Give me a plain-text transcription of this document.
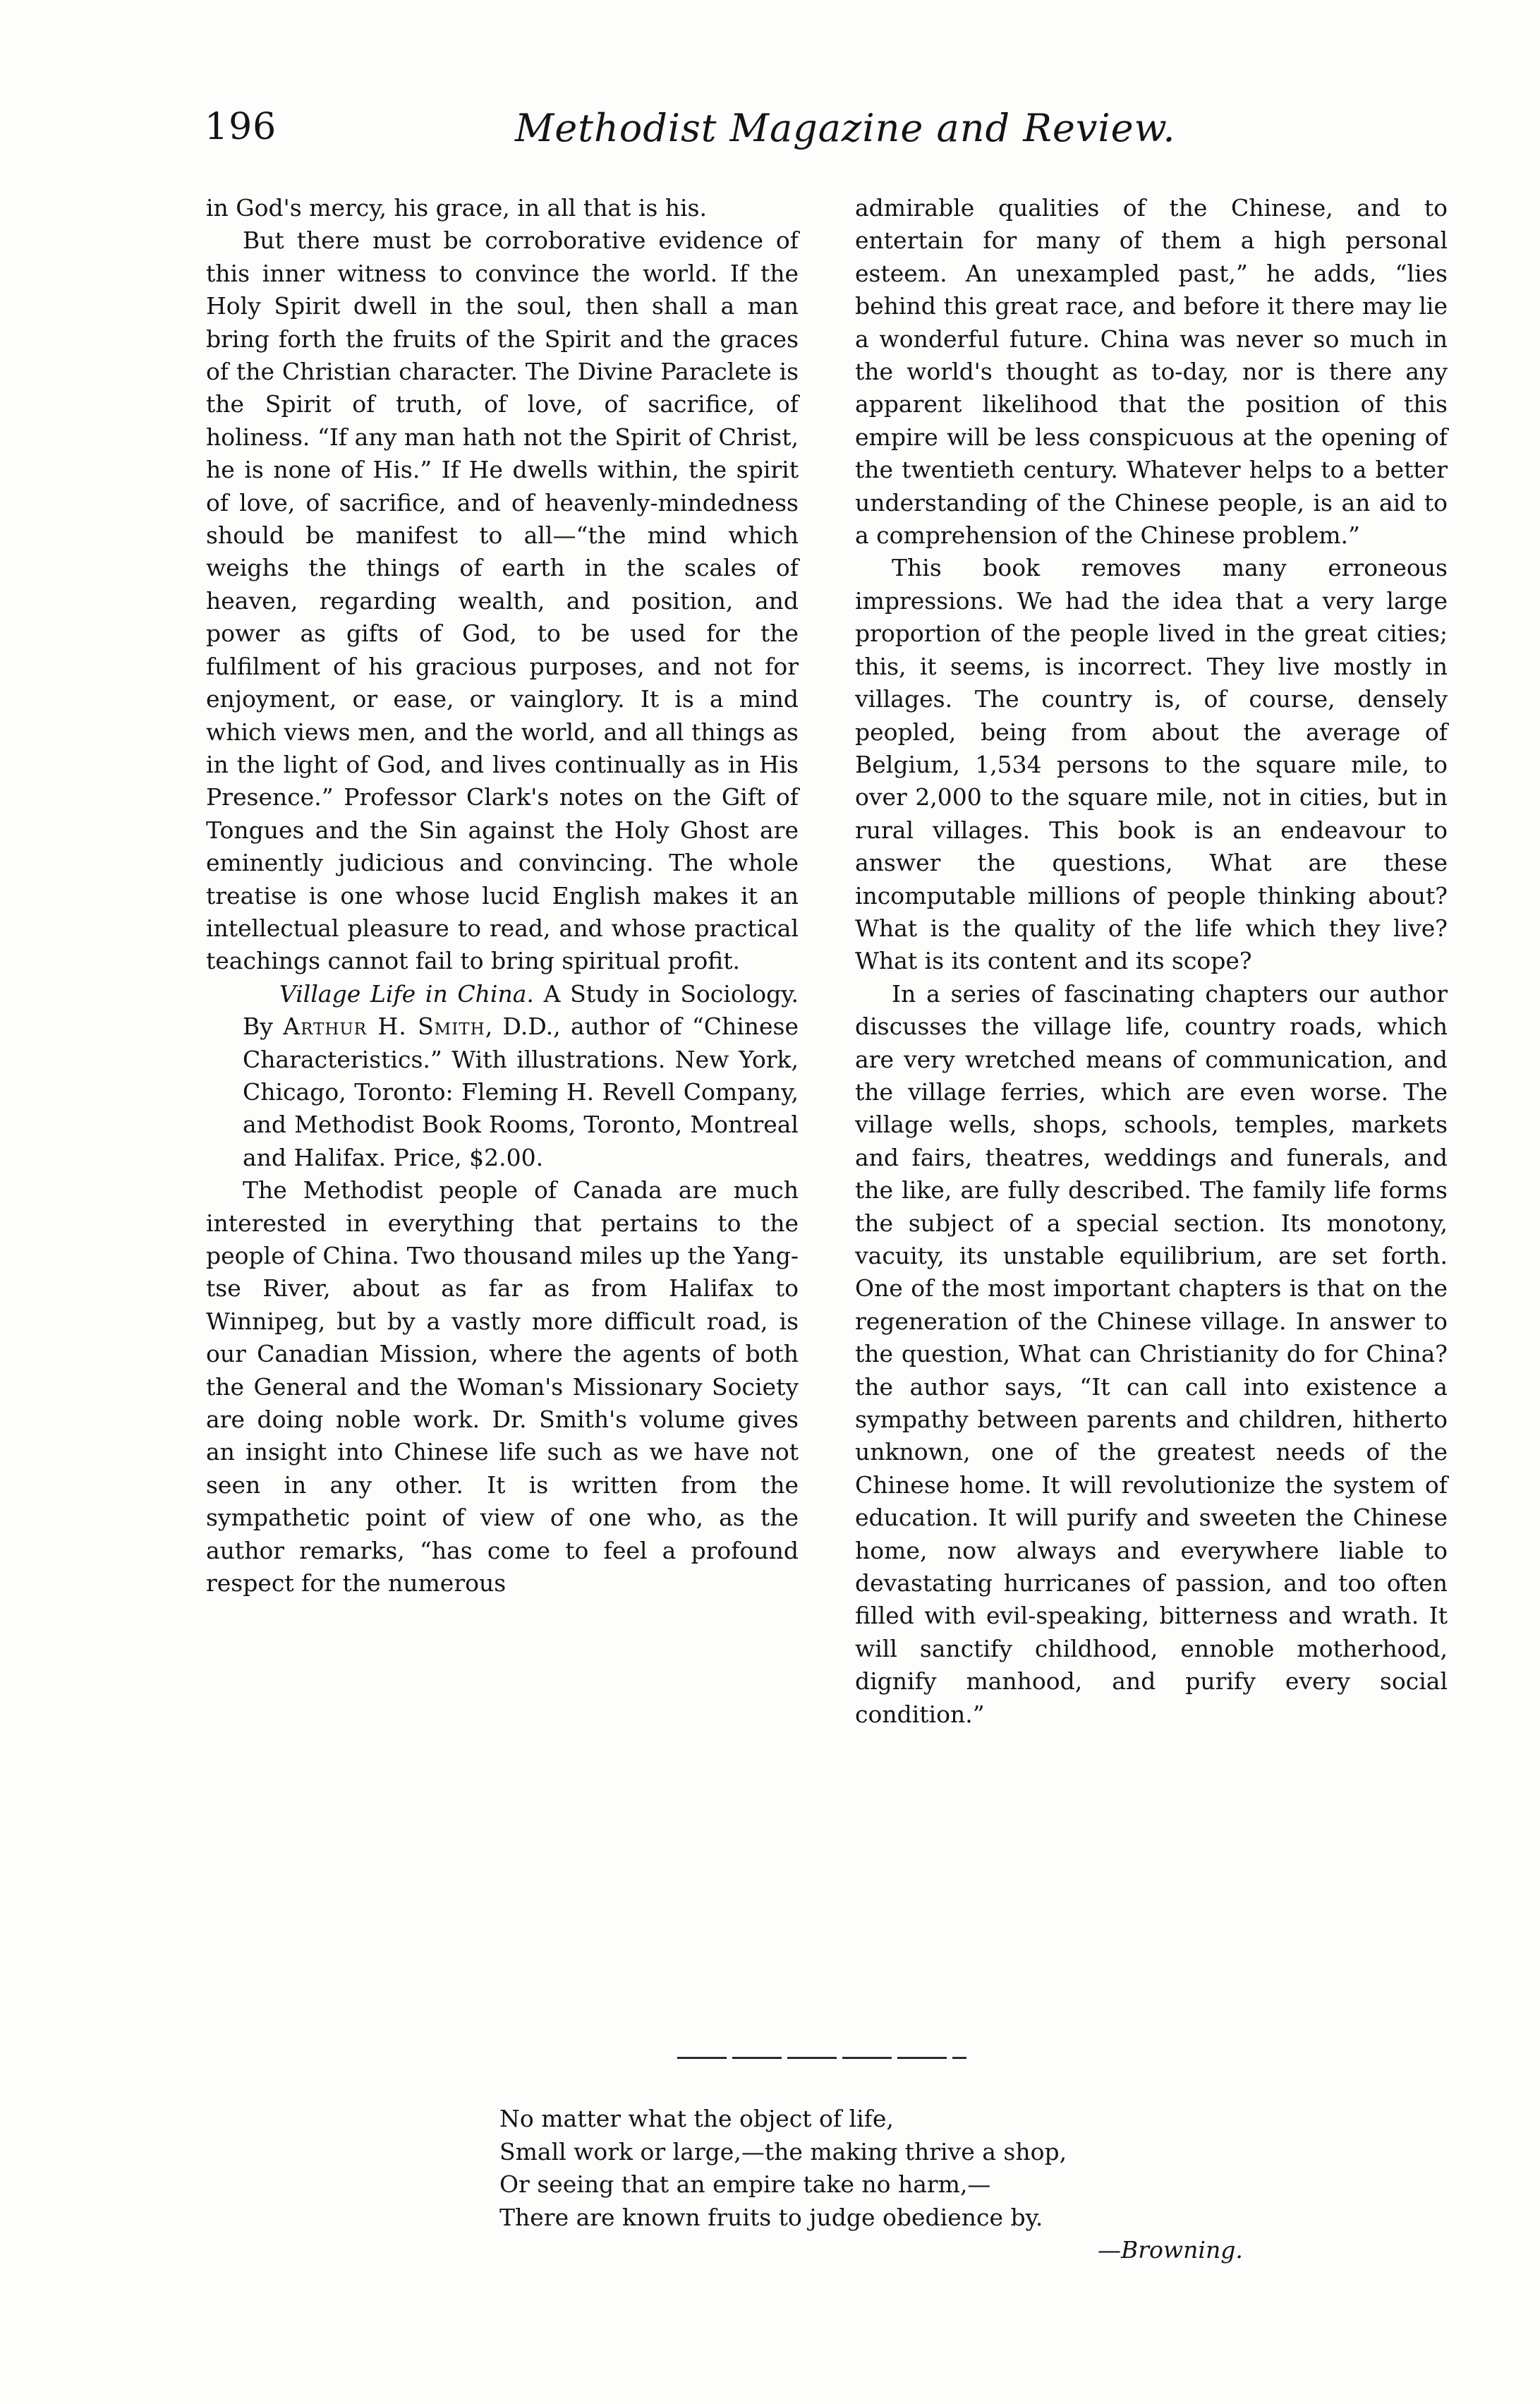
196	Methodist Magazine and Review.

in God's mercy, his grace, in all that is his.

But there must be corroborative evidence of this inner witness to convince the world. If the Holy Spirit dwell in the soul, then shall a man bring forth the fruits of the Spirit and the graces of the Christian character. The Divine Paraclete is the Spirit of truth, of love, of sacrifice, of holiness. “If any man hath not the Spirit of Christ, he is none of His.” If He dwells within, the spirit of love, of sacrifice, and of heavenly-mindedness should be manifest to all—“the mind which weighs the things of earth in the scales of heaven, regarding wealth, and position, and power as gifts of God, to be used for the fulfilment of his gracious purposes, and not for enjoyment, or ease, or vainglory. It is a mind which views men, and the world, and all things as in the light of God, and lives continually as in His Presence.” Professor Clark's notes on the Gift of Tongues and the Sin against the Holy Ghost are eminently judicious and convincing. The whole treatise is one whose lucid English makes it an intellectual pleasure to read, and whose practical teachings cannot fail to bring spiritual profit.

Village Life in China. A Study in Sociology. By Arthur H. Smith, D.D., author of “Chinese Characteristics.” With illustrations. New York, Chicago, Toronto: Fleming H. Revell Company, and Methodist Book Rooms, Toronto, Montreal and Halifax. Price, $2.00.

The Methodist people of Canada are much interested in everything that pertains to the people of China. Two thousand miles up the Yang-tse River, about as far as from Halifax to Winnipeg, but by a vastly more difficult road, is our Canadian Mission, where the agents of both the General and the Woman's Missionary Society are doing noble work. Dr. Smith's volume gives an insight into Chinese life such as we have not seen in any other. It is written from the sympathetic point of view of one who, as the author remarks, “has come to feel a profound respect for the numerous

admirable qualities of the Chinese, and to entertain for many of them a high personal esteem. An unexampled past,” he adds, “lies behind this great race, and before it there may lie a wonderful future. China was never so much in the world's thought as to-day, nor is there any apparent likelihood that the position of this empire will be less conspicuous at the opening of the twentieth century. Whatever helps to a better understanding of the Chinese people, is an aid to a comprehension of the Chinese problem.”

This book removes many erroneous impressions. We had the idea that a very large proportion of the people lived in the great cities; this, it seems, is incorrect. They live mostly in villages. The country is, of course, densely peopled, being from about the average of Belgium, 1,534 persons to the square mile, to over 2,000 to the square mile, not in cities, but in rural villages. This book is an endeavour to answer the questions, What are these incomputable millions of people thinking about? What is the quality of the life which they live? What is its content and its scope?

In a series of fascinating chapters our author discusses the village life, country roads, which are very wretched means of communication, and the village ferries, which are even worse. The village wells, shops, schools, temples, markets and fairs, theatres, weddings and funerals, and the like, are fully described. The family life forms the subject of a special section. Its monotony, vacuity, its unstable equilibrium, are set forth. One of the most important chapters is that on the regeneration of the Chinese village. In answer to the question, What can Christianity do for China? the author says, “It can call into existence a sympathy between parents and children, hitherto unknown, one of the greatest needs of the Chinese home. It will revolutionize the system of education. It will purify and sweeten the Chinese home, now always and everywhere liable to devastating hurricanes of passion, and too often filled with evil-speaking, bitterness and wrath. It will sanctify childhood, ennoble motherhood, dignify manhood, and purify every social condition.”

No matter what the object of life,
Small work or large,—the making thrive a shop,
Or seeing that an empire take no harm,—
There are known fruits to judge obedience by.
—Browning.
